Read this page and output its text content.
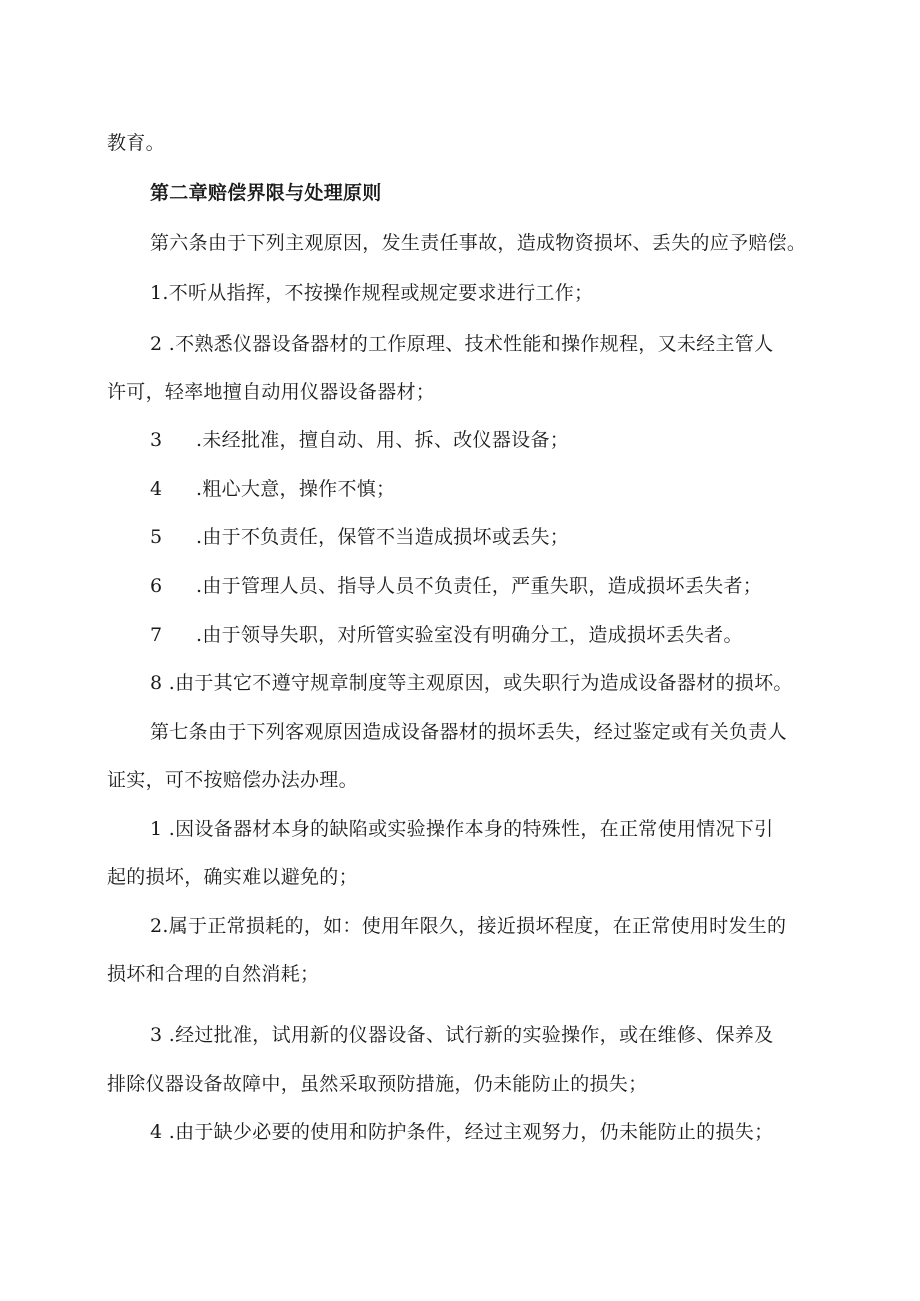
教育。
第二章赔偿界限与处理原则
第六条由于下列主观原因，发生责任事故，造成物资损坏、丢失的应予赔偿。
1.不听从指挥，不按操作规程或规定要求进行工作；
2 .不熟悉仪器设备器材的工作原理、技术性能和操作规程，又未经主管人
许可，轻率地擅自动用仪器设备器材；
3 .未经批准，擅自动、用、拆、改仪器设备；
4 .粗心大意，操作不慎；
5 .由于不负责任，保管不当造成损坏或丢失；
6 .由于管理人员、指导人员不负责任，严重失职，造成损坏丢失者；
7 .由于领导失职，对所管实验室没有明确分工，造成损坏丢失者。
8 .由于其它不遵守规章制度等主观原因，或失职行为造成设备器材的损坏。
第七条由于下列客观原因造成设备器材的损坏丢失，经过鉴定或有关负责人
证实，可不按赔偿办法办理。
1 .因设备器材本身的缺陷或实验操作本身的特殊性，在正常使用情况下引
起的损坏，确实难以避免的；
2.属于正常损耗的，如：使用年限久，接近损坏程度，在正常使用时发生的
损坏和合理的自然消耗；
3 .经过批准，试用新的仪器设备、试行新的实验操作，或在维修、保养及
排除仪器设备故障中，虽然采取预防措施，仍未能防止的损失；
4 .由于缺少必要的使用和防护条件，经过主观努力，仍未能防止的损失；
